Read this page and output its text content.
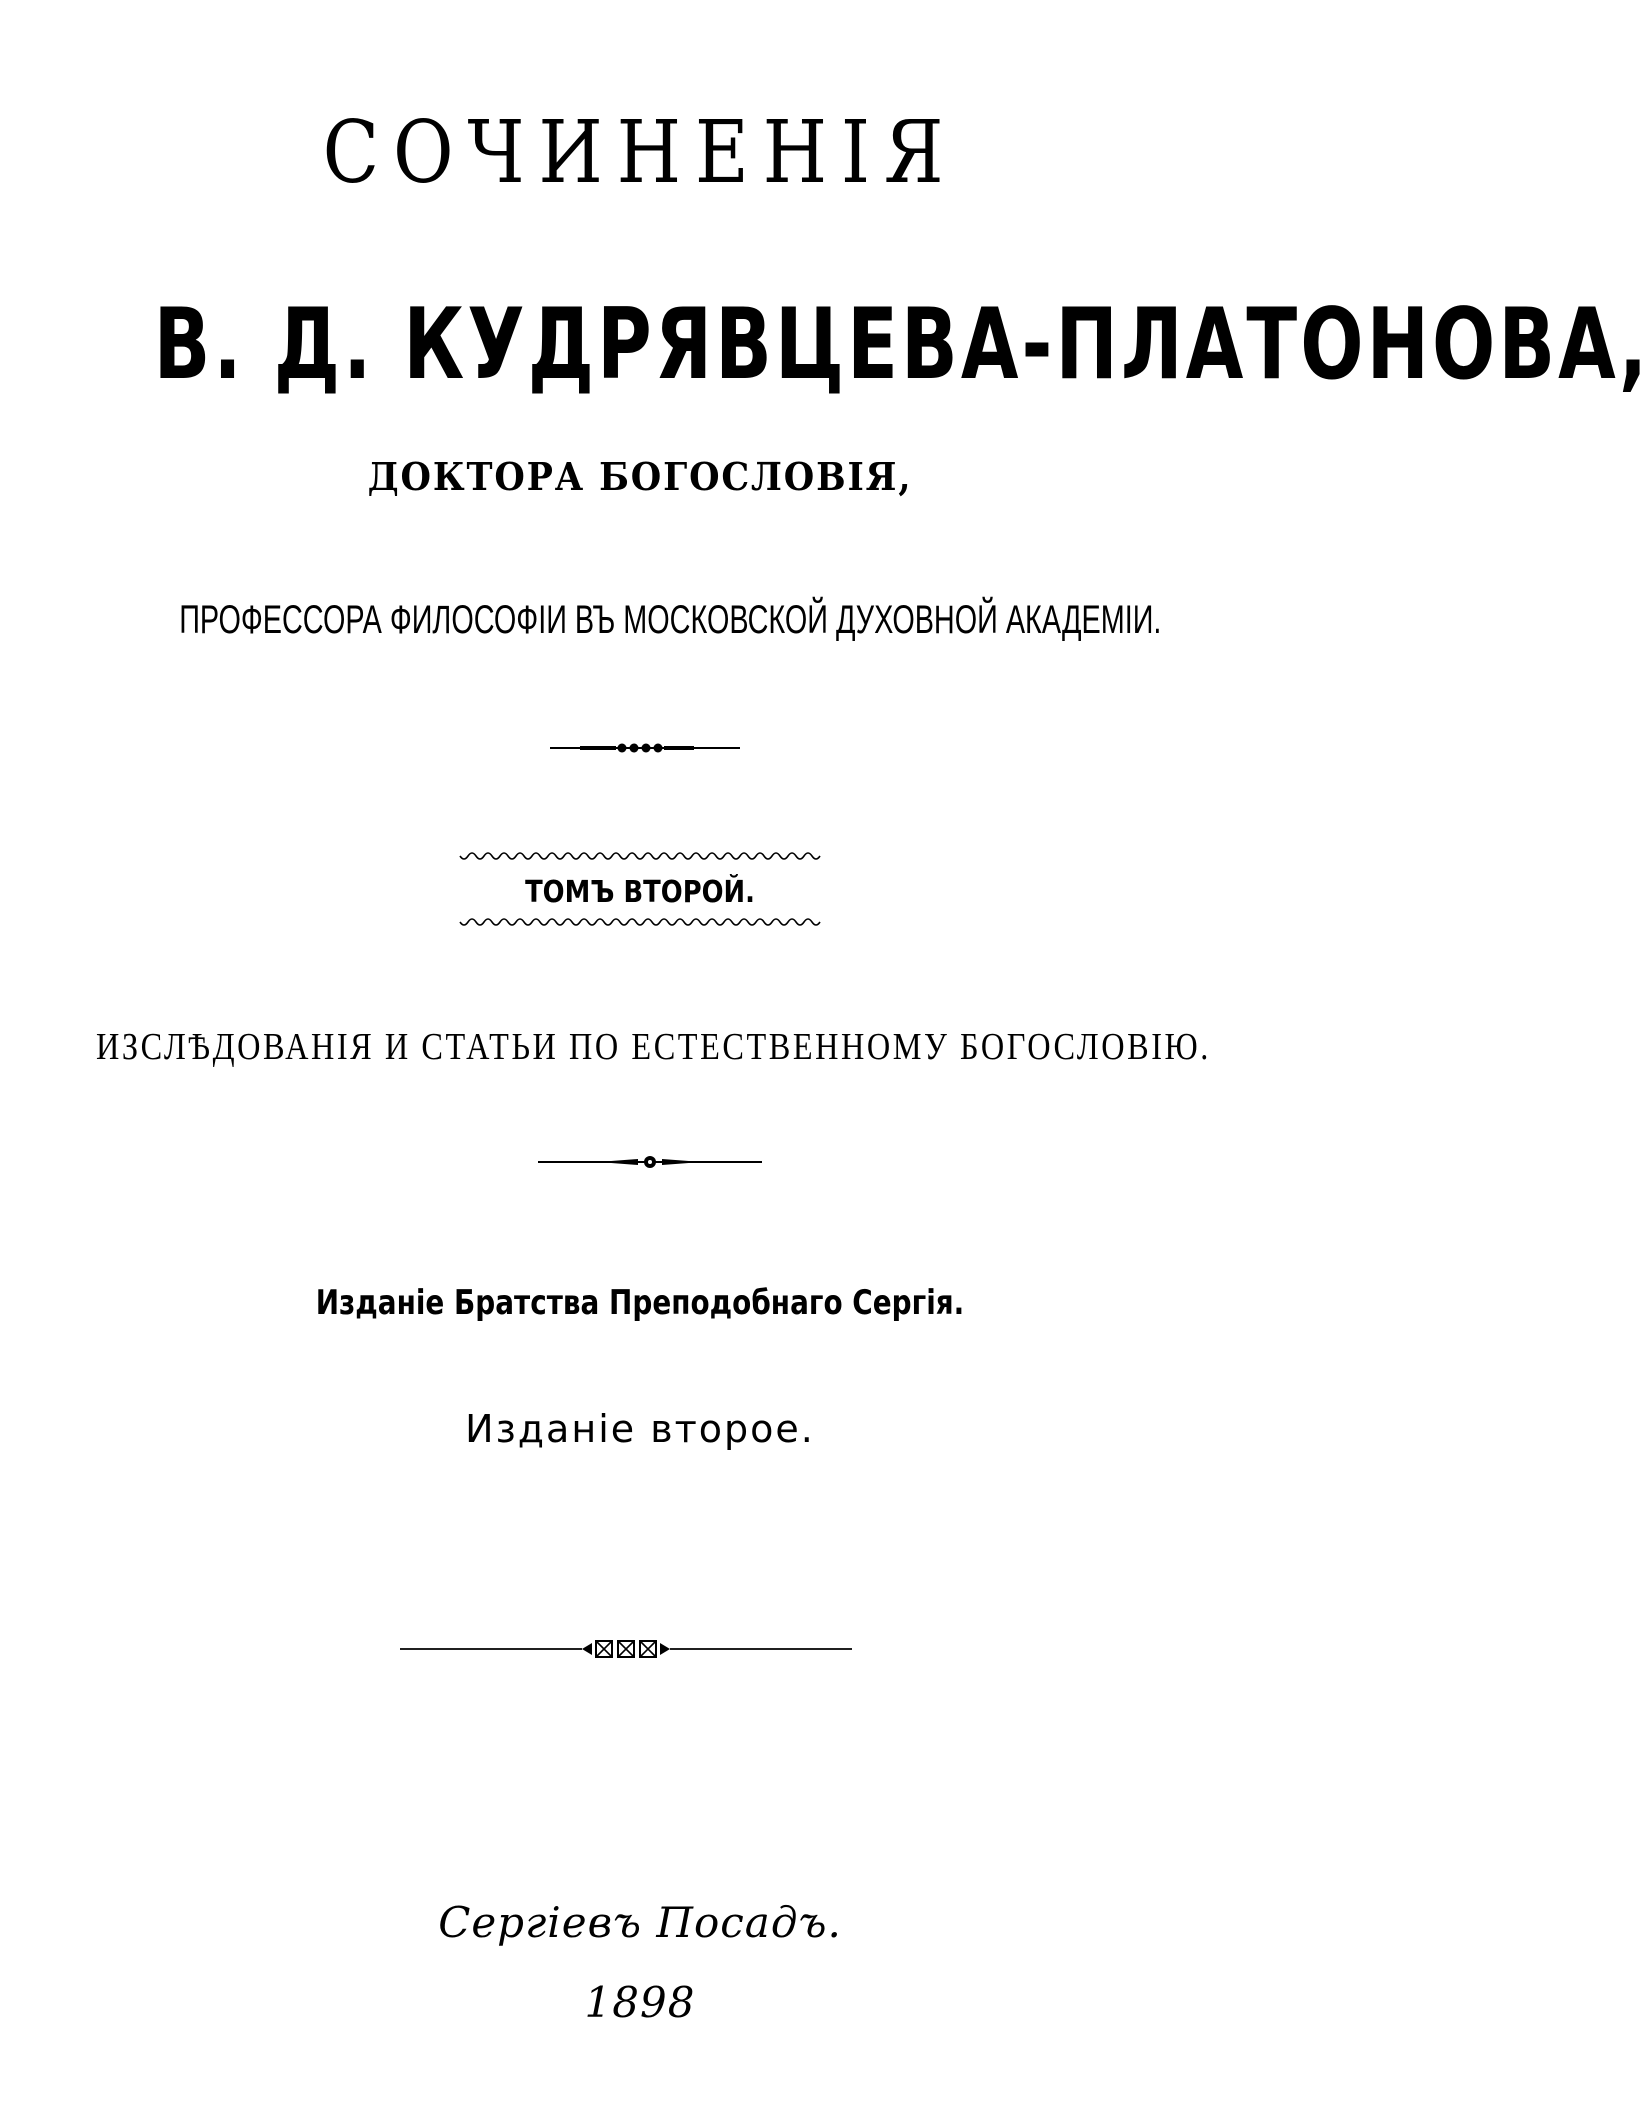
СОЧИНЕНІЯ
В. Д. КУДРЯВЦЕВА-ПЛАТОНОВА,
ДОКТОРА БОГОСЛОВІЯ,
ПРОФЕССОРА ФИЛОСОФІИ ВЪ МОСКОВСКОЙ ДУХОВНОЙ АКАДЕМІИ.
ТОМЪ ВТОРОЙ.
ИЗСЛѢДОВАНІЯ И СТАТЬИ ПО ЕСТЕСТВЕННОМУ БОГОСЛОВІЮ.
Изданіе Братства Преподобнаго Сергія.
Изданіе второе.
Сергіевъ Посадъ.
1898
